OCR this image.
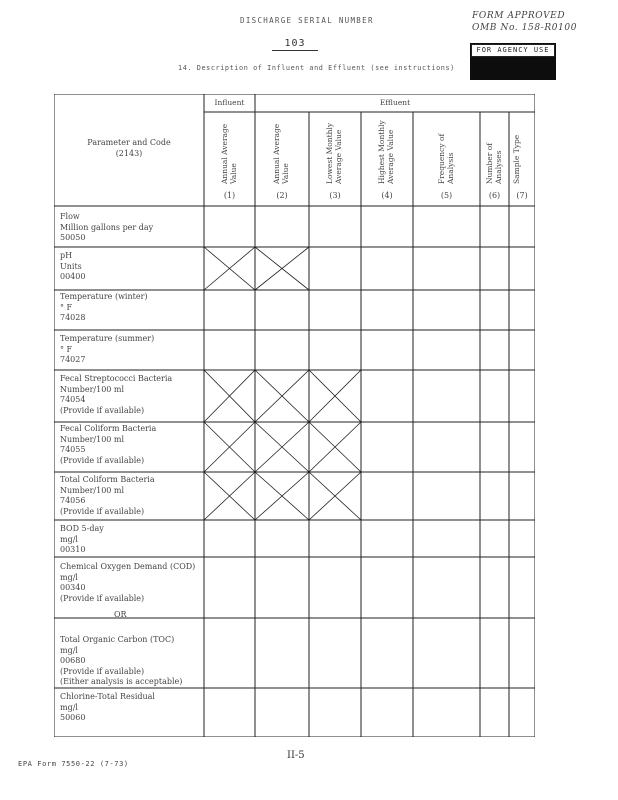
DISCHARGE SERIAL NUMBER	FORM APPROVED
OMB No. 158-R0100
103
FOR AGENCY USE
14. Description of Influent and Effluent (see instructions)
Parameter and Code
(2143)
Influent	Effluent
Annual Average Value
(1)
Annual Average Value
(2)
Lowest Monthly Average Value
(3)
Highest Monthly Average Value
(4)
Frequency of Analysis
(5)
Number of Analyses
(6)
Sample Type
(7)
Flow
Million gallons per day
50050
pH
Units
00400
Temperature (winter)
° F
74028
Temperature (summer)
° F
74027
Fecal Streptococci Bacteria
Number/100 ml
74054
(Provide if available)
Fecal Coliform Bacteria
Number/100 ml
74055
(Provide if available)
Total Coliform Bacteria
Number/100 ml
74056
(Provide if available)
BOD 5-day
mg/l
00310
Chemical Oxygen Demand (COD)
mg/l
00340
(Provide if available)
Total Organic Carbon (TOC)
mg/l
00680
(Provide if available)
(Either analysis is acceptable)
Chlorine-Total Residual
mg/l
50060
OR
II-5
EPA Form 7550-22 (7-73)
